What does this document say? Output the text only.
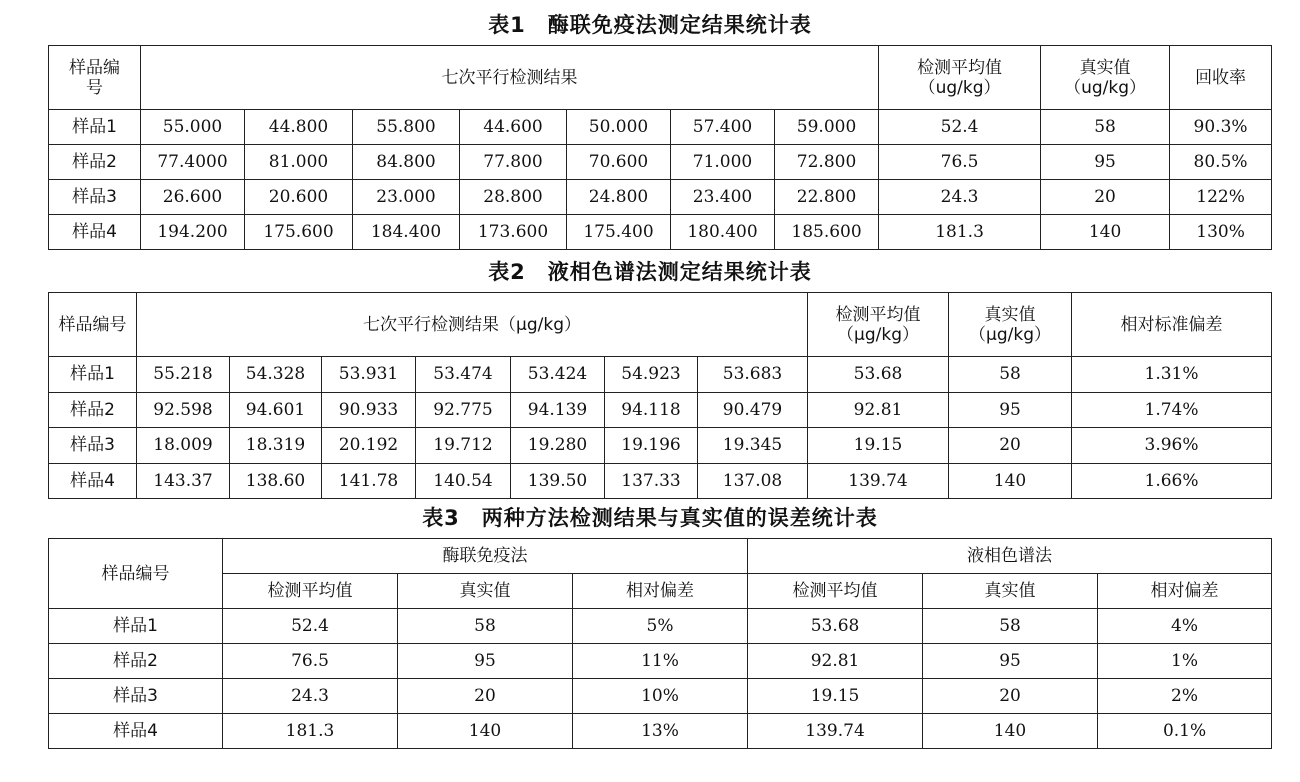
表1　酶联免疫法测定结果统计表
样品编号	七次平行检测结果							检测平均值（ug/kg）	真实值（ug/kg）	回收率
样品1	55.000	44.800	55.800	44.600	50.000	57.400	59.000	52.4	58	90.3%
样品2	77.4000	81.000	84.800	77.800	70.600	71.000	72.800	76.5	95	80.5%
样品3	26.600	20.600	23.000	28.800	24.800	23.400	22.800	24.3	20	122%
样品4	194.200	175.600	184.400	173.600	175.400	180.400	185.600	181.3	140	130%
表2　液相色谱法测定结果统计表
样品编号	七次平行检测结果（μg/kg）							检测平均值（μg/kg）	真实值（μg/kg）	相对标准偏差
样品1	55.218	54.328	53.931	53.474	53.424	54.923	53.683	53.68	58	1.31%
样品2	92.598	94.601	90.933	92.775	94.139	94.118	90.479	92.81	95	1.74%
样品3	18.009	18.319	20.192	19.712	19.280	19.196	19.345	19.15	20	3.96%
样品4	143.37	138.60	141.78	140.54	139.50	137.33	137.08	139.74	140	1.66%
表3　两种方法检测结果与真实值的误差统计表
样品编号	酶联免疫法			液相色谱法		
	检测平均值	真实值	相对偏差	检测平均值	真实值	相对偏差
样品1	52.4	58	5%	53.68	58	4%
样品2	76.5	95	11%	92.81	95	1%
样品3	24.3	20	10%	19.15	20	2%
样品4	181.3	140	13%	139.74	140	0.1%
